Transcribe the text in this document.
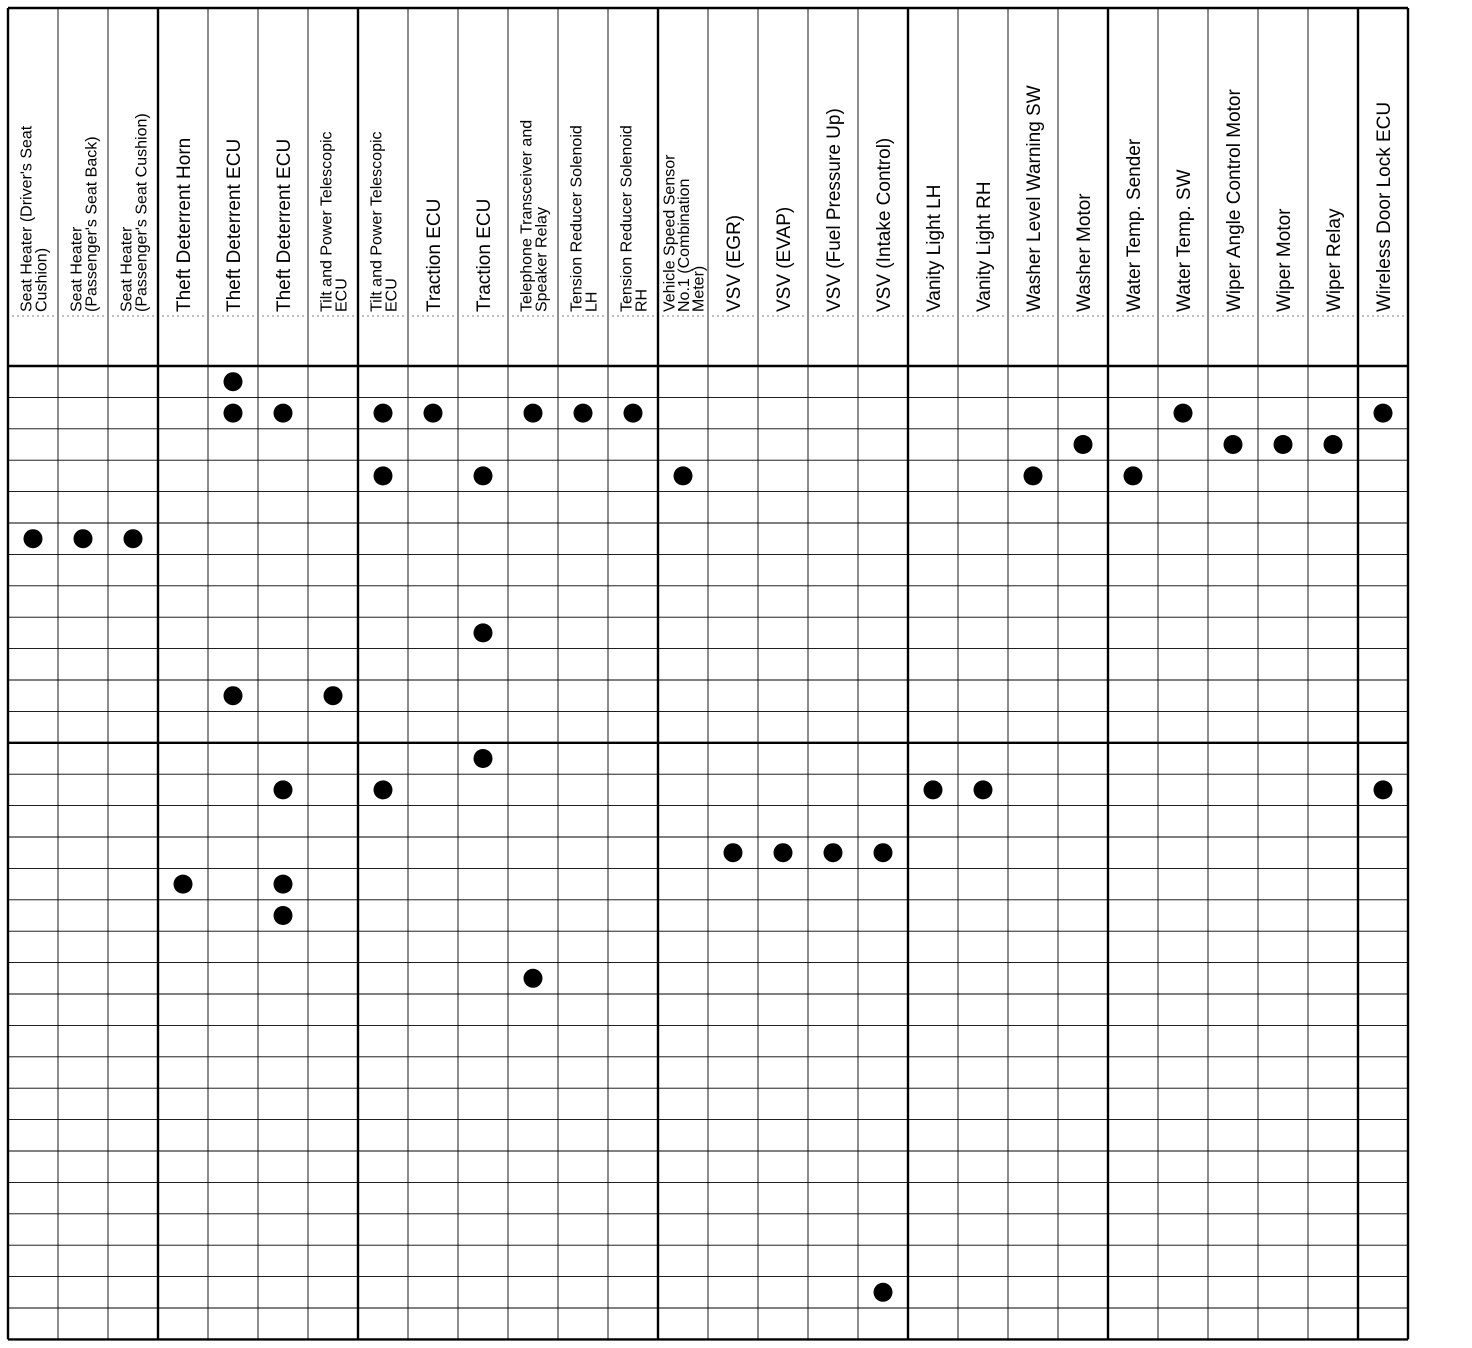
Seat Heater (Driver's SeatCushion) Seat Heater(Passenger's Seat Back) Seat Heater(Passenger's Seat Cushion) Theft Deterrent Horn Theft Deterrent ECU Theft Deterrent ECU Tilt and Power TelescopicECU Tilt and Power TelescopicECU Traction ECU Traction ECU Telephone Transceiver andSpeaker Relay Tension Reducer SolenoidLH Tension Reducer SolenoidRH Vehicle Speed SensorNo.1 (CombinationMeter) VSV (EGR) VSV (EVAP) VSV (Fuel Pressure Up) VSV (Intake Control) Vanity Light LH Vanity Light RH Washer Level Warning SW Washer Motor Water Temp. Sender Water Temp. SW Wiper Angle Control Motor Wiper Motor Wiper Relay Wireless Door Lock ECU
